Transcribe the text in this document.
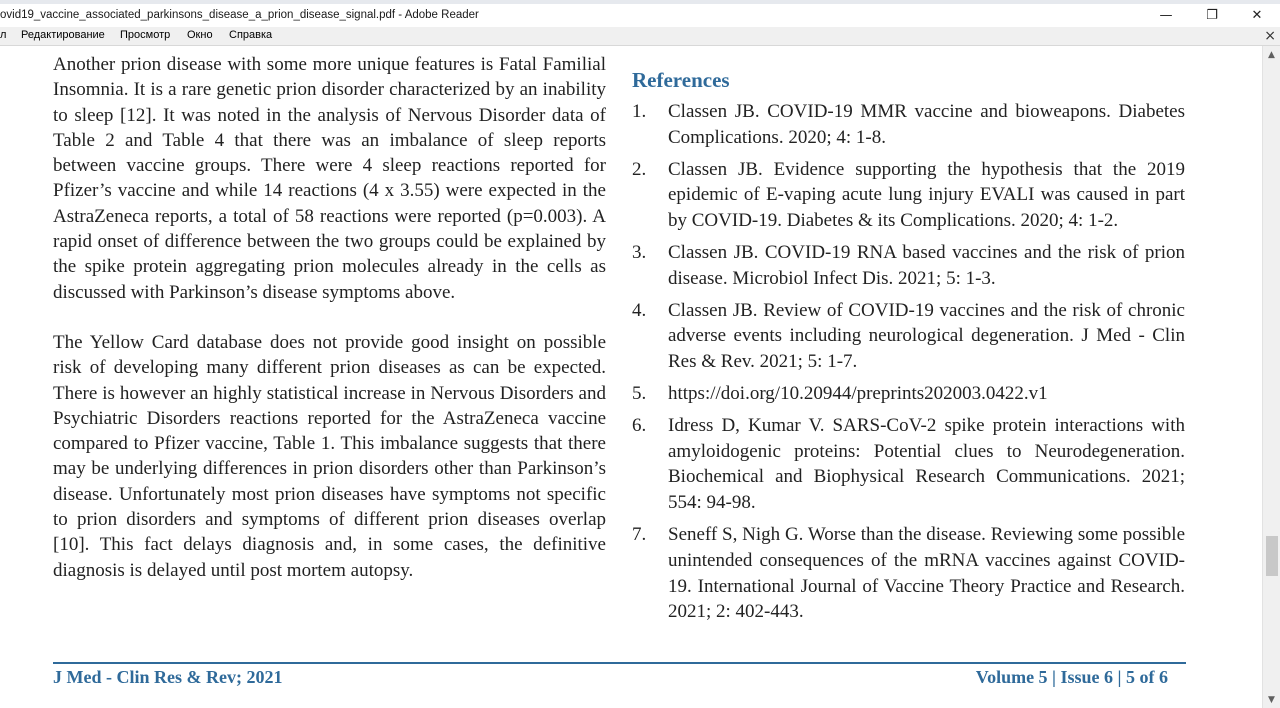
ovid19_vaccine_associated_parkinsons_disease_a_prion_disease_signal.pdf - Adobe Reader	—	❐	✕
л Редактирование Просмотр Окно Справка	×

Another prion disease with some more unique features is Fatal Familial Insomnia. It is a rare genetic prion disorder characterized by an inability to sleep [12]. It was noted in the analysis of Nervous Disorder data of Table 2 and Table 4 that there was an imbalance of sleep reports between vaccine groups. There were 4 sleep reactions reported for Pfizer’s vaccine and while 14 reactions (4 x 3.55) were expected in the AstraZeneca reports, a total of 58 reactions were reported (p=0.003). A rapid onset of difference between the two groups could be explained by the spike protein aggregating prion molecules already in the cells as discussed with Parkinson’s disease symptoms above.

The Yellow Card database does not provide good insight on possible risk of developing many different prion diseases as can be expected. There is however an highly statistical increase in Nervous Disorders and Psychiatric Disorders reactions reported for the AstraZeneca vaccine compared to Pfizer vaccine, Table 1. This imbalance suggests that there may be underlying differences in prion disorders other than Parkinson’s disease. Unfortunately most prion diseases have symptoms not specific to prion disorders and symptoms of different prion diseases overlap [10]. This fact delays diagnosis and, in some cases, the definitive diagnosis is delayed until post mortem autopsy.

References
1.	Classen JB. COVID-19 MMR vaccine and bioweapons. Diabetes Complications. 2020; 4: 1-8.
2.	Classen JB. Evidence supporting the hypothesis that the 2019 epidemic of E-vaping acute lung injury EVALI was caused in part by COVID-19. Diabetes & its Complications. 2020; 4: 1-2.
3.	Classen JB. COVID-19 RNA based vaccines and the risk of prion disease. Microbiol Infect Dis. 2021; 5: 1-3.
4.	Classen JB. Review of COVID-19 vaccines and the risk of chronic adverse events including neurological degeneration. J Med - Clin Res & Rev. 2021; 5: 1-7.
5.	https://doi.org/10.20944/preprints202003.0422.v1
6.	Idress D, Kumar V. SARS-CoV-2 spike protein interactions with amyloidogenic proteins: Potential clues to Neurodegeneration. Biochemical and Biophysical Research Communications. 2021; 554: 94-98.
7.	Seneff S, Nigh G. Worse than the disease. Reviewing some possible unintended consequences of the mRNA vaccines against COVID-19. International Journal of Vaccine Theory Practice and Research. 2021; 2: 402-443.
J Med - Clin Res & Rev; 2021	Volume 5 | Issue 6 | 5 of 6
▲
▼
